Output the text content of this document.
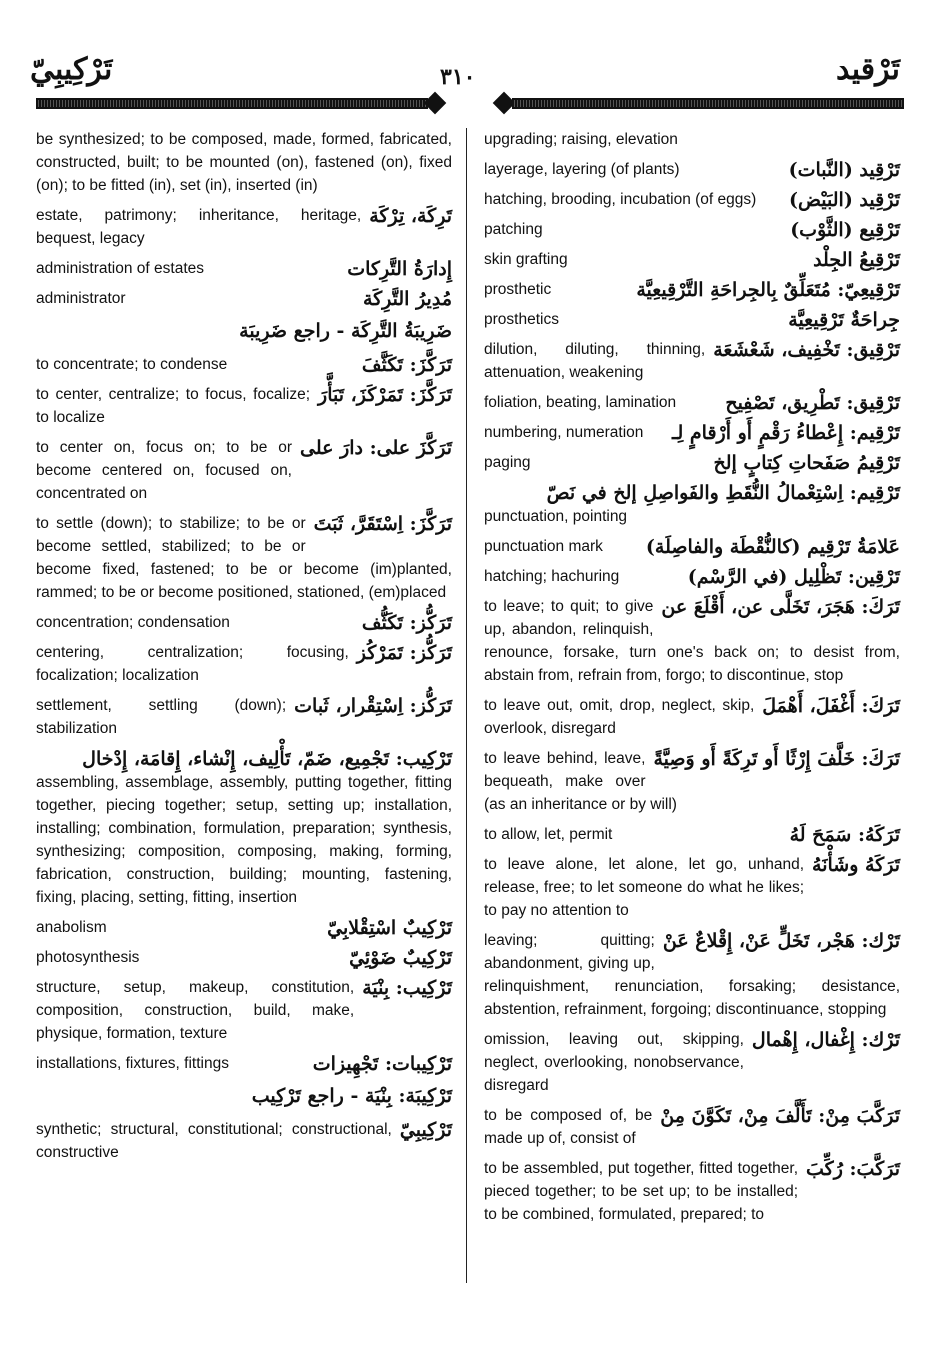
تَرْكِيبِيّ	٣١٠	تَرْقيد
be synthesized; to be composed, made, formed, fabricated, constructed, built; to be mounted (on), fastened (on), fixed (on); to be fitted (in), set (in), inserted (in)
تَرِكَة، تِرْكَة
estate, patrimony; inheritance, heritage, bequest, legacy
إِدارَةُ التَّرِكات
administration of estates
مُدِيرُ التَّرِكَة
administrator
ضَرِيبَةُ التَّرِكَة - راجع ضَرِيبَة
تَرَكَّزَ: تَكَثَّفَ
to concentrate; to condense
تَرَكَّزَ: تَمَرْكَزَ، تَبَأَّرَ
to center, centralize; to focus, focalize; to localize
تَرَكَّزَ على: دارَ على
to center on, focus on; to be or become centered on, focused on, concentrated on
تَرَكَّزَ: اِسْتَقَرَّ، ثَبَتَ
to settle (down); to stabilize; to be or become settled, stabilized; to be or become fixed, fastened; to be or become (im)planted, rammed; to be or become positioned, stationed, (em)placed
تَرَكُّز: تَكَثُّف
concentration; condensation
تَرَكُّز: تَمَرْكُز
centering, centralization; focusing, focalization; localization
تَرَكُّز: اِسْتِقْرار، ثَبات
settlement, settling (down); stabilization
تَرْكِيب: تَجْمِيع، ضَمّ، تَأْلِيف، إِنْشاء، إِقامَة، إِدْخال
assembling, assemblage, assembly, putting together, fitting together, piecing together; setup, setting up; installation, installing; combination, formulation, preparation; synthesis, synthesizing; composition, composing, making, forming, fabrication, construction, building; mounting, fastening, fixing, placing, setting, fitting, insertion
تَرْكِيبٌ اسْتِقْلابِيّ
anabolism
تَرْكِيبٌ ضَوْئِيّ
photosynthesis
تَرْكِيب: بِنْيَة
structure, setup, makeup, constitution, composition, construction, build, make, physique, formation, texture
تَرْكِيبات: تَجْهِيزات
installations, fixtures, fittings
تَرْكِيبَة: بِنْيَة - راجع تَرْكِيب
تَرْكِيبِيّ
synthetic; structural, constitutional; constructional, constructive
upgrading; raising, elevation
تَرْقِيد (النَّبات)
layerage, layering (of plants)
تَرْقِيد (البَيْض)
hatching, brooding, incubation (of eggs)
تَرْقِيع (الثَّوْب)
patching
تَرْقِيعُ الجِلْد
skin grafting
تَرْقِيعِيّ: مُتَعَلِّقٌ بِالجِراحَةِ التَّرْقِيعِيَّة
prosthetic
جِراحَةٌ تَرْقِيعِيَّة
prosthetics
تَرْقِيق: تَخْفِيف، شَعْشَعَة
dilution, diluting, thinning, attenuation, weakening
تَرْقِيق: تَطْرِيق، تَصْفِيح
foliation, beating, lamination
تَرْقِيم: إِعْطاءُ رَقْمٍ أَو أَرْقامٍ لِـ
numbering, numeration
تَرْقِيمُ صَفَحاتِ كِتابٍ إلخ
paging
تَرْقِيم: اِسْتِعْمالُ النُّقَطِ والفَواصِلِ إلخ في نَصّ
punctuation, pointing
عَلامَةُ تَرْقِيم (كالنُّقْطَة والفاصِلَة)
punctuation mark
تَرْقِين: تَظْلِيل (في الرَّسْم)
hatching; hachuring
تَرَكَ: هَجَرَ، تَخَلَّى عن، أَقْلَعَ عن
to leave; to quit; to give up, abandon, relinquish, renounce, forsake, turn one's back on; to desist from, abstain from, refrain from, forgo; to discontinue, stop
تَرَكَ: أَغْفَلَ، أَهْمَلَ
to leave out, omit, drop, neglect, skip, overlook, disregard
تَرَكَ: خَلَّفَ إِرْثًا أَو تَرِكَةً أَو وَصِيَّةً
to leave behind, leave, bequeath, make over (as an inheritance or by will)
تَرَكَهُ: سَمَحَ لَهُ
to allow, let, permit
تَرَكَهُ وشَأْنَهُ
to leave alone, let alone, let go, unhand, release, free; to let someone do what he likes; to pay no attention to
تَرْك: هَجْر، تَخَلٍّ عَنْ، إِقْلاعٌ عَنْ
leaving; quitting; abandonment, giving up, relinquishment, renunciation, forsaking; desistance, abstention, refrainment, forgoing; discontinuance, stopping
تَرْك: إِغْفال، إِهْمال
omission, leaving out, skipping, neglect, overlooking, nonobservance, disregard
تَرَكَّبَ مِنْ: تَأَلَّفَ مِنْ، تَكَوَّنَ مِنْ
to be composed of, be made up of, consist of
تَرَكَّبَ: رُكِّبَ
to be assembled, put together, fitted together, pieced together; to be set up; to be installed; to be combined, formulated, prepared; to
